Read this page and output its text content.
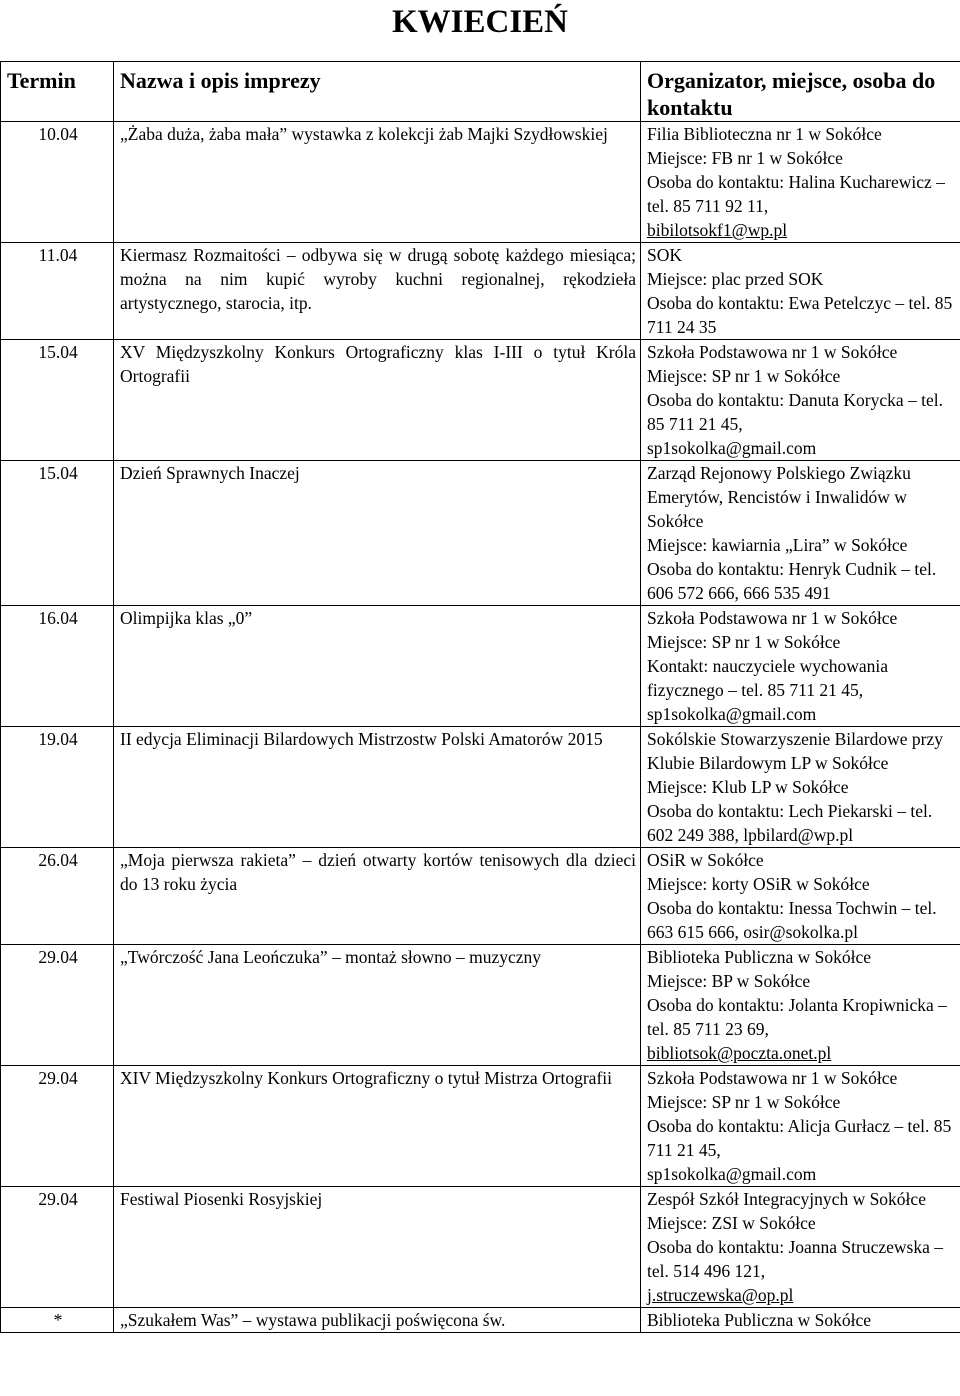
KWIECIEŃ
Termin	Nazwa i opis imprezy	Organizator, miejsce, osoba do kontaktu
10.04	„Żaba duża, żaba mała” wystawka z kolekcji żab Majki Szydłowskiej	Filia Biblioteczna nr 1 w Sokółce
Miejsce: FB nr 1 w Sokółce
Osoba do kontaktu: Halina Kucharewicz – tel. 85 711 92 11,
bibilotsokf1@wp.pl

11.04	Kiermasz Rozmaitości – odbywa się w drugą sobotę każdego miesiąca; można na nim kupić wyroby kuchni regionalnej, rękodzieła artystycznego, starocia, itp.	SOK
Miejsce: plac przed SOK
Osoba do kontaktu: Ewa Petelczyc – tel. 85 711 24 35

15.04	XV Międzyszkolny Konkurs Ortograficzny klas I-III o tytuł Króla Ortografii	Szkoła Podstawowa nr 1 w Sokółce
Miejsce: SP nr 1 w Sokółce
Osoba do kontaktu: Danuta Korycka – tel. 85 711 21 45,
sp1sokolka@gmail.com

15.04	Dzień Sprawnych Inaczej	Zarząd Rejonowy Polskiego Związku Emerytów, Rencistów i Inwalidów w Sokółce
Miejsce: kawiarnia „Lira” w Sokółce
Osoba do kontaktu: Henryk Cudnik – tel. 606 572 666, 666 535 491

16.04	Olimpijka klas „0”	Szkoła Podstawowa nr 1 w Sokółce
Miejsce: SP nr 1 w Sokółce
Kontakt: nauczyciele wychowania fizycznego – tel. 85 711 21 45,
sp1sokolka@gmail.com

19.04	II edycja Eliminacji Bilardowych Mistrzostw Polski Amatorów 2015	Sokólskie Stowarzyszenie Bilardowe przy Klubie Bilardowym LP w Sokółce
Miejsce: Klub LP w Sokółce
Osoba do kontaktu: Lech Piekarski – tel. 602 249 388, lpbilard@wp.pl

26.04	„Moja pierwsza rakieta” – dzień otwarty kortów tenisowych dla dzieci do 13 roku życia	OSiR w Sokółce
Miejsce: korty OSiR w Sokółce
Osoba do kontaktu: Inessa Tochwin – tel. 663 615 666, osir@sokolka.pl

29.04	„Twórczość Jana Leończuka” – montaż słowno – muzyczny	Biblioteka Publiczna w Sokółce
Miejsce: BP w Sokółce
Osoba do kontaktu: Jolanta Kropiwnicka – tel. 85 711 23 69,
bibliotsok@poczta.onet.pl

29.04	XIV Międzyszkolny Konkurs Ortograficzny o tytuł Mistrza Ortografii	Szkoła Podstawowa nr 1 w Sokółce
Miejsce: SP nr 1 w Sokółce
Osoba do kontaktu: Alicja Gurłacz – tel. 85 711 21 45,
sp1sokolka@gmail.com

29.04	Festiwal Piosenki Rosyjskiej	Zespół Szkół Integracyjnych w Sokółce
Miejsce: ZSI w Sokółce
Osoba do kontaktu: Joanna Struczewska – tel. 514 496 121,
j.struczewska@op.pl

*	„Szukałem Was” – wystawa publikacji poświęcona św.	Biblioteka Publiczna w Sokółce
